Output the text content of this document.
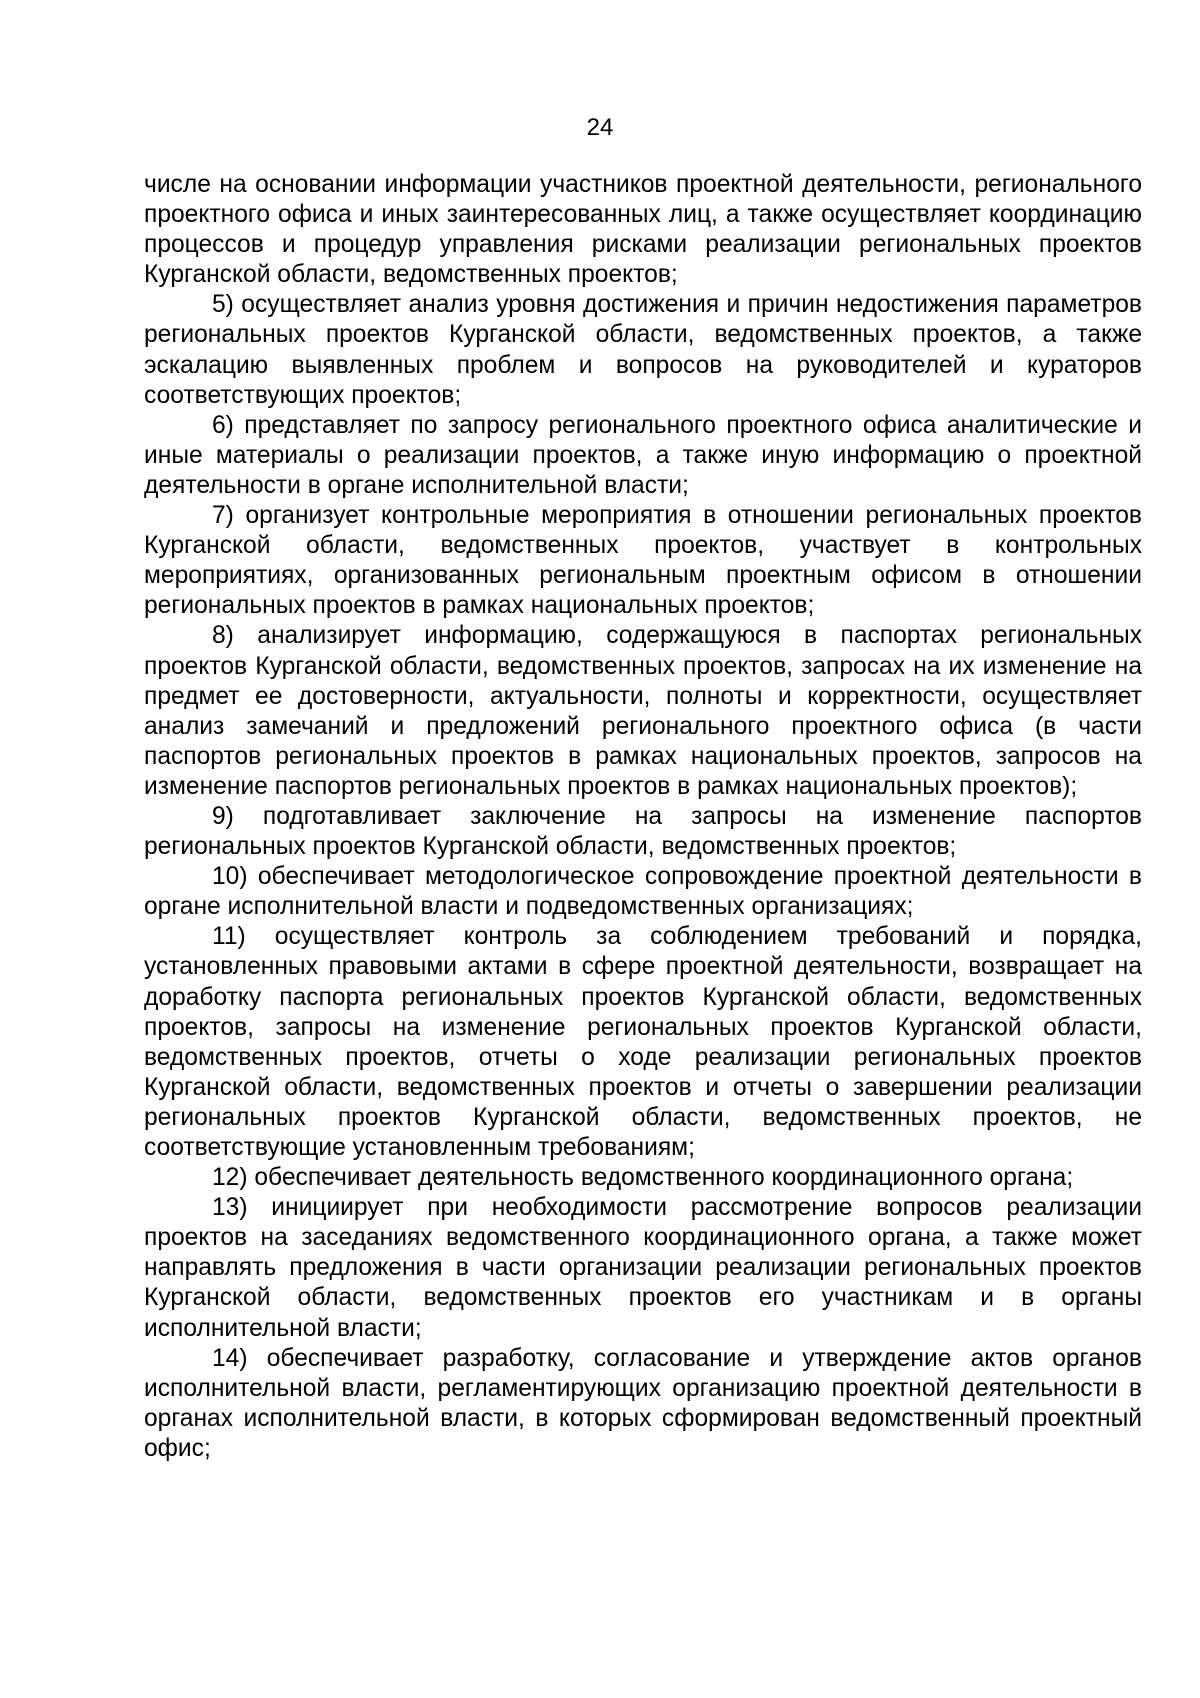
24

числе на основании информации участников проектной деятельности, регионального проектного офиса и иных заинтересованных лиц, а также осуществляет координацию процессов и процедур управления рисками реализации региональных проектов Курганской области, ведомственных проектов;

5) осуществляет анализ уровня достижения и причин недостижения параметров региональных проектов Курганской области, ведомственных проектов, а также эскалацию выявленных проблем и вопросов на руководителей и кураторов соответствующих проектов;

6) представляет по запросу регионального проектного офиса аналитические и иные материалы о реализации проектов, а также иную информацию о проектной деятельности в органе исполнительной власти;

7) организует контрольные мероприятия в отношении региональных проектов Курганской области, ведомственных проектов, участвует в контрольных мероприятиях, организованных региональным проектным офисом в отношении региональных проектов в рамках национальных проектов;

8) анализирует информацию, содержащуюся в паспортах региональных проектов Курганской области, ведомственных проектов, запросах на их изменение на предмет ее достоверности, актуальности, полноты и корректности, осуществляет анализ замечаний и предложений регионального проектного офиса (в части паспортов региональных проектов в рамках национальных проектов, запросов на изменение паспортов региональных проектов в рамках национальных проектов);

9) подготавливает заключение на запросы на изменение паспортов региональных проектов Курганской области, ведомственных проектов;

10) обеспечивает методологическое сопровождение проектной деятельности в органе исполнительной власти и подведомственных организациях;

11) осуществляет контроль за соблюдением требований и порядка, установленных правовыми актами в сфере проектной деятельности, возвращает на доработку паспорта региональных проектов Курганской области, ведомственных проектов, запросы на изменение региональных проектов Курганской области, ведомственных проектов, отчеты о ходе реализации региональных проектов Курганской области, ведомственных проектов и отчеты о завершении реализации региональных проектов Курганской области, ведомственных проектов, не соответствующие установленным требованиям;

12) обеспечивает деятельность ведомственного координационного органа;

13) инициирует при необходимости рассмотрение вопросов реализации проектов на заседаниях ведомственного координационного органа, а также может направлять предложения в части организации реализации региональных проектов Курганской области, ведомственных проектов его участникам и в органы исполнительной власти;

14) обеспечивает разработку, согласование и утверждение актов органов исполнительной власти, регламентирующих организацию проектной деятельности в органах исполнительной власти, в которых сформирован ведомственный проектный офис;
